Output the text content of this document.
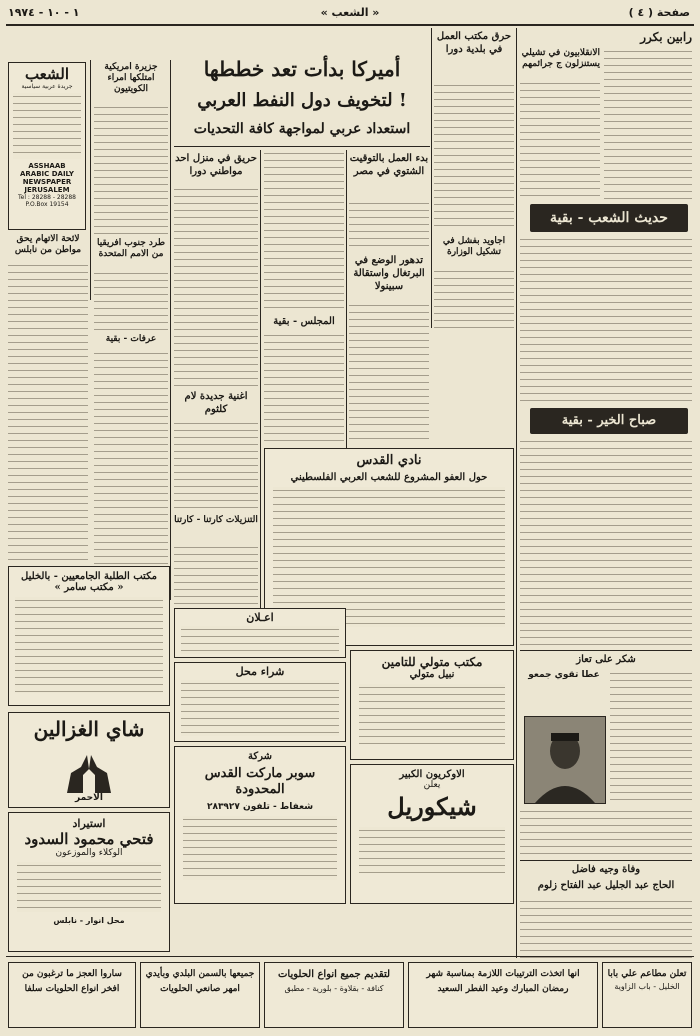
صفحة ( ٤ )
« الشعب »
١ - ١٠ - ١٩٧٤
رابين بكرر
الانقلابيون في تشيلي يستنزلون ج جرائمهم
حديث الشعب - بقية
صباح الخير - بقية
شكر على تعاز
عطا تقوي جمعو
وفاة وجيه فاضل
الحاج عبد الجليل عبد الفتاح زلوم
حرق مكتب العمل في بلدية دورا
اجاويد بفشل في تشكيل الوزارة
أميركا بدأت تعد خططها
لتخويف دول النفط العربي !
استعداد عربي لمواجهة كافة التحديات
بدء العمل بالتوقيت الشتوي في مصر
تدهور الوضع في البرتغال واستقالة سبينولا
المجلس - بقية
حريق في منزل احد مواطني دورا
اغنية جديدة لام كلثوم
التنزيلات كارتنا - كارتنا
جزيرة امريكية امتلكها امراء الكويتيون
طرد جنوب افريقيا من الامم المتحدة
عرفات - بقية
الشعب
جريدة عربية سياسية
ASSHAAB
ARABIC DAILY
NEWSPAPER
JERUSALEM
Tel : 28288 - 28288
P.O.Box 19154
لائحة الاتهام يحق مواطن من نابلس
مكتب الطلبة الجامعيين - بالخليل
« مكتب سامر »
نادي القدس
حول العفو المشروع للشعب العربي الفلسطيني
شاي الغزالين
الاحمر
استيراد
فتحي محمود السدود
الوكلاء والموزعون
محل انوار - نابلس
اعـلان
شراء محل
شركة
سوبر ماركت القدس المحدودة
شعفاط - تلفون ٢٨٣٩٢٧
مكتب متولي للتامين
نبيل متولي
الاوكريون الكبير
يعلن
شيكوريل
ساروا العجز ما ترغبون من افخر انواع الحلويات سلفا
جميعها بالسمن البلدي وبأيدي امهر صانعي الحلويات
لتقديم جميع انواع الحلويات
كنافة - بقلاوة - بلورية - مطبق
انها اتخذت الترتيبات اللازمة بمناسبة شهر رمضان المبارك وعيد الفطر السعيد
تعلن مطاعم علي بابا
الخليل - باب الزاوية
